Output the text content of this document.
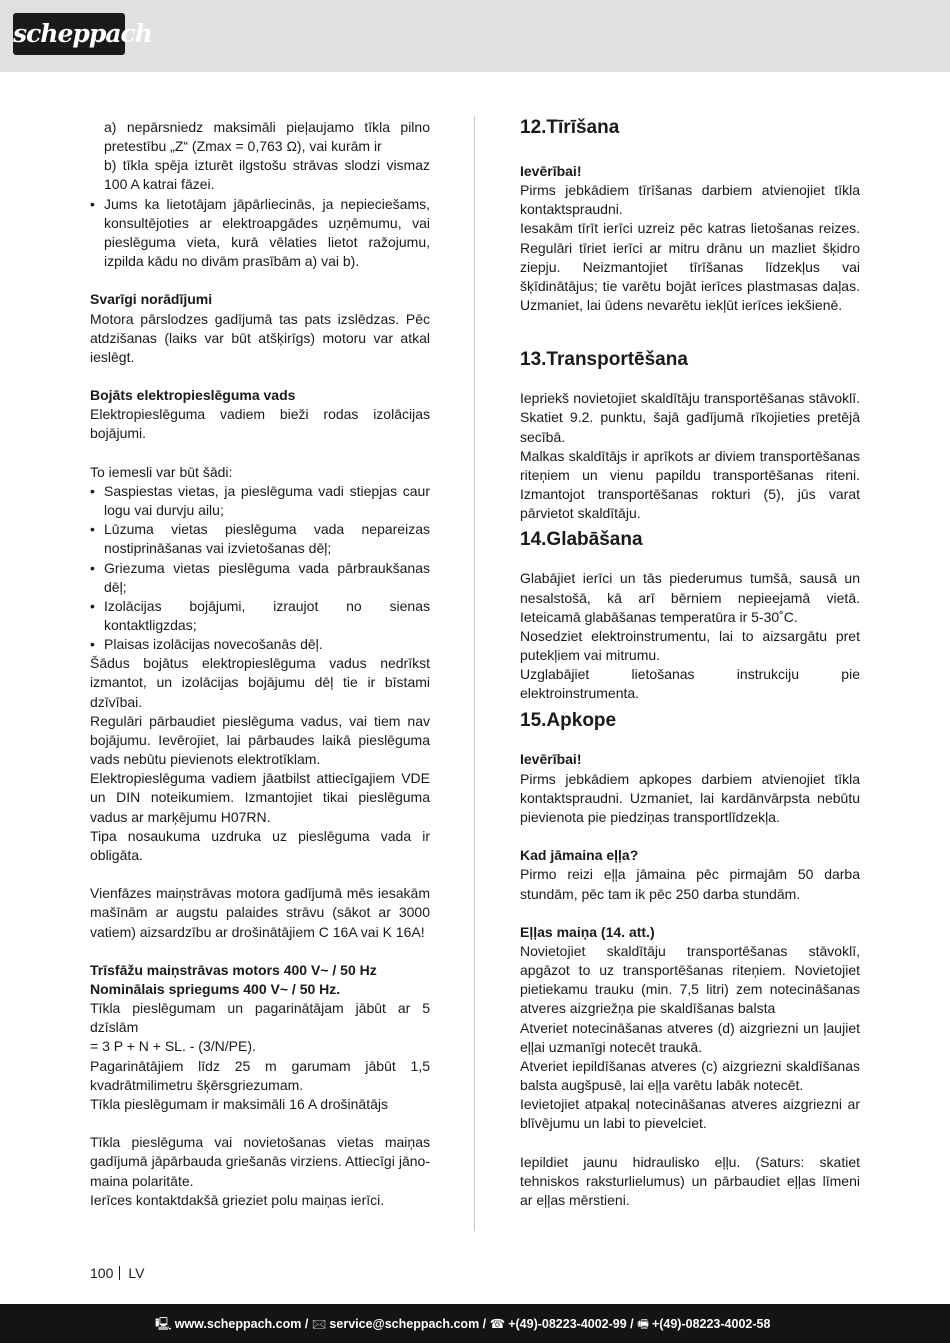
scheppach

a) nepārsniedz maksimāli pieļaujamo tīkla pilno pretestību „Z“ (Zmax = 0,763 Ω), vai kurām ir

b) tīkla spēja izturēt ilgstošu strāvas slodzi vismaz 100 A katrai fāzei.

• Jums ka lietotājam jāpārliecinās, ja nepieciešams, konsultējoties ar elektroapgādes uzņēmumu, vai pieslēguma vieta, kurā vēlaties lietot ražojumu, izpilda kādu no divām prasībām a) vai b).

Svarīgi norādījumi

Motora pārslodzes gadījumā tas pats izslēdzas. Pēc atdzišanas (laiks var būt atšķirīgs) motoru var atkal ieslēgt.

Bojāts elektropieslēguma vads

Elektropieslēguma vadiem bieži rodas izolācijas bojājumi.

To iemesli var būt šādi:

• Saspiestas vietas, ja pieslēguma vadi stiepjas caur logu vai durvju ailu;
• Lūzuma vietas pieslēguma vada nepareizas nostiprināšanas vai izvietošanas dēļ;
• Griezuma vietas pieslēguma vada pārbraukšanas dēļ;
• Izolācijas bojājumi, izraujot no sienas kontaktligzdas;
• Plaisas izolācijas novecošanās dēļ.

Šādus bojātus elektropieslēguma vadus nedrīkst izmantot, un izolācijas bojājumu dēļ tie ir bīstami dzīvībai.

Regulāri pārbaudiet pieslēguma vadus, vai tiem nav bojājumu. Ievērojiet, lai pārbaudes laikā pieslēguma vads nebūtu pievienots elektrotīklam.

Elektropieslēguma vadiem jāatbilst attiecīgajiem VDE un DIN noteikumiem. Izmantojiet tikai pieslēguma vadus ar marķējumu H07RN.

Tipa nosaukuma uzdruka uz pieslēguma vada ir obligāta.

Vienfāzes maiņstrāvas motora gadījumā mēs iesakām mašīnām ar augstu palaides strāvu (sākot ar 3000 vatiem) aizsardzību ar drošinātājiem C 16A vai K 16A!

Trīsfāžu maiņstrāvas motors 400 V~ / 50 Hz

Nominālais spriegums 400 V~ / 50 Hz.

Tīkla pieslēgumam un pagarinātājam jābūt ar 5 dzīslām

= 3 P + N + SL. - (3/N/PE).

Pagarinātājiem līdz 25 m garumam jābūt 1,5 kvadrātmilimetru šķērsgriezumam.

Tīkla pieslēgumam ir maksimāli 16 A drošinātājs

Tīkla pieslēguma vai novietošanas vietas maiņas gadījumā jāpārbauda griešanās virziens. Attiecīgi jānomaina polaritāte.

Ierīces kontaktdakšā grieziet polu maiņas ierīci.

12.Tīrīšana

Ievērībai!

Pirms jebkādiem tīrīšanas darbiem atvienojiet tīkla kontaktspraudni.

Iesakām tīrīt ierīci uzreiz pēc katras lietošanas reizes. Regulāri tīriet ierīci ar mitru drānu un mazliet šķidro ziepju. Neizmantojiet tīrīšanas līdzekļus vai šķīdinātājus; tie varētu bojāt ierīces plastmasas daļas. Uzmaniet, lai ūdens nevarētu iekļūt ierīces iekšienē.

13.Transportēšana

Iepriekš novietojiet skaldītāju transportēšanas stāvoklī. Skatiet 9.2. punktu, šajā gadījumā rīkojieties pretējā secībā.

Malkas skaldītājs ir aprīkots ar diviem transportēšanas riteņiem un vienu papildu transportēšanas riteni. Izmantojot transportēšanas rokturi (5), jūs varat pārvietot skaldītāju.

14.Glabāšana

Glabājiet ierīci un tās piederumus tumšā, sausā un nesalstošā, kā arī bērniem nepieejamā vietā. Ieteicamā glabāšanas temperatūra ir 5-30˚C.

Nosedziet elektroinstrumentu, lai to aizsargātu pret putekļiem vai mitrumu.

Uzglabājiet lietošanas instrukciju pie elektroinstrumenta.

15.Apkope

Ievērībai!

Pirms jebkādiem apkopes darbiem atvienojiet tīkla kontaktspraudni. Uzmaniet, lai kardānvārpsta nebūtu pievienota pie piedziņas transportlīdzekļa.

Kad jāmaina eļļa?

Pirmo reizi eļļa jāmaina pēc pirmajām 50 darba stundām, pēc tam ik pēc 250 darba stundām.

Eļļas maiņa (14. att.)

Novietojiet skaldītāju transportēšanas stāvoklī, apgāzot to uz transportēšanas riteņiem. Novietojiet pietiekamu trauku (min. 7,5 litri) zem notecināšanas atveres aizgriežņa pie skaldīšanas balsta

Atveriet notecināšanas atveres (d) aizgriezni un ļaujiet eļļai uzmanīgi notecēt traukā.

Atveriet iepildīšanas atveres (c) aizgriezni skaldīšanas balsta augšpusē, lai eļļa varētu labāk notecēt.

Ievietojiet atpakaļ notecināšanas atveres aizgriezni ar blīvējumu un labi to pievelciet.

Iepildiet jaunu hidraulisko eļļu. (Saturs: skatiet tehniskos raksturlielumus) un pārbaudiet eļļas līmeni ar eļļas mērstieni.

100 LV
🖳 www.scheppach.com / 🖂 service@scheppach.com / ☎ +(49)-08223-4002-99 / 🖷 +(49)-08223-4002-58
